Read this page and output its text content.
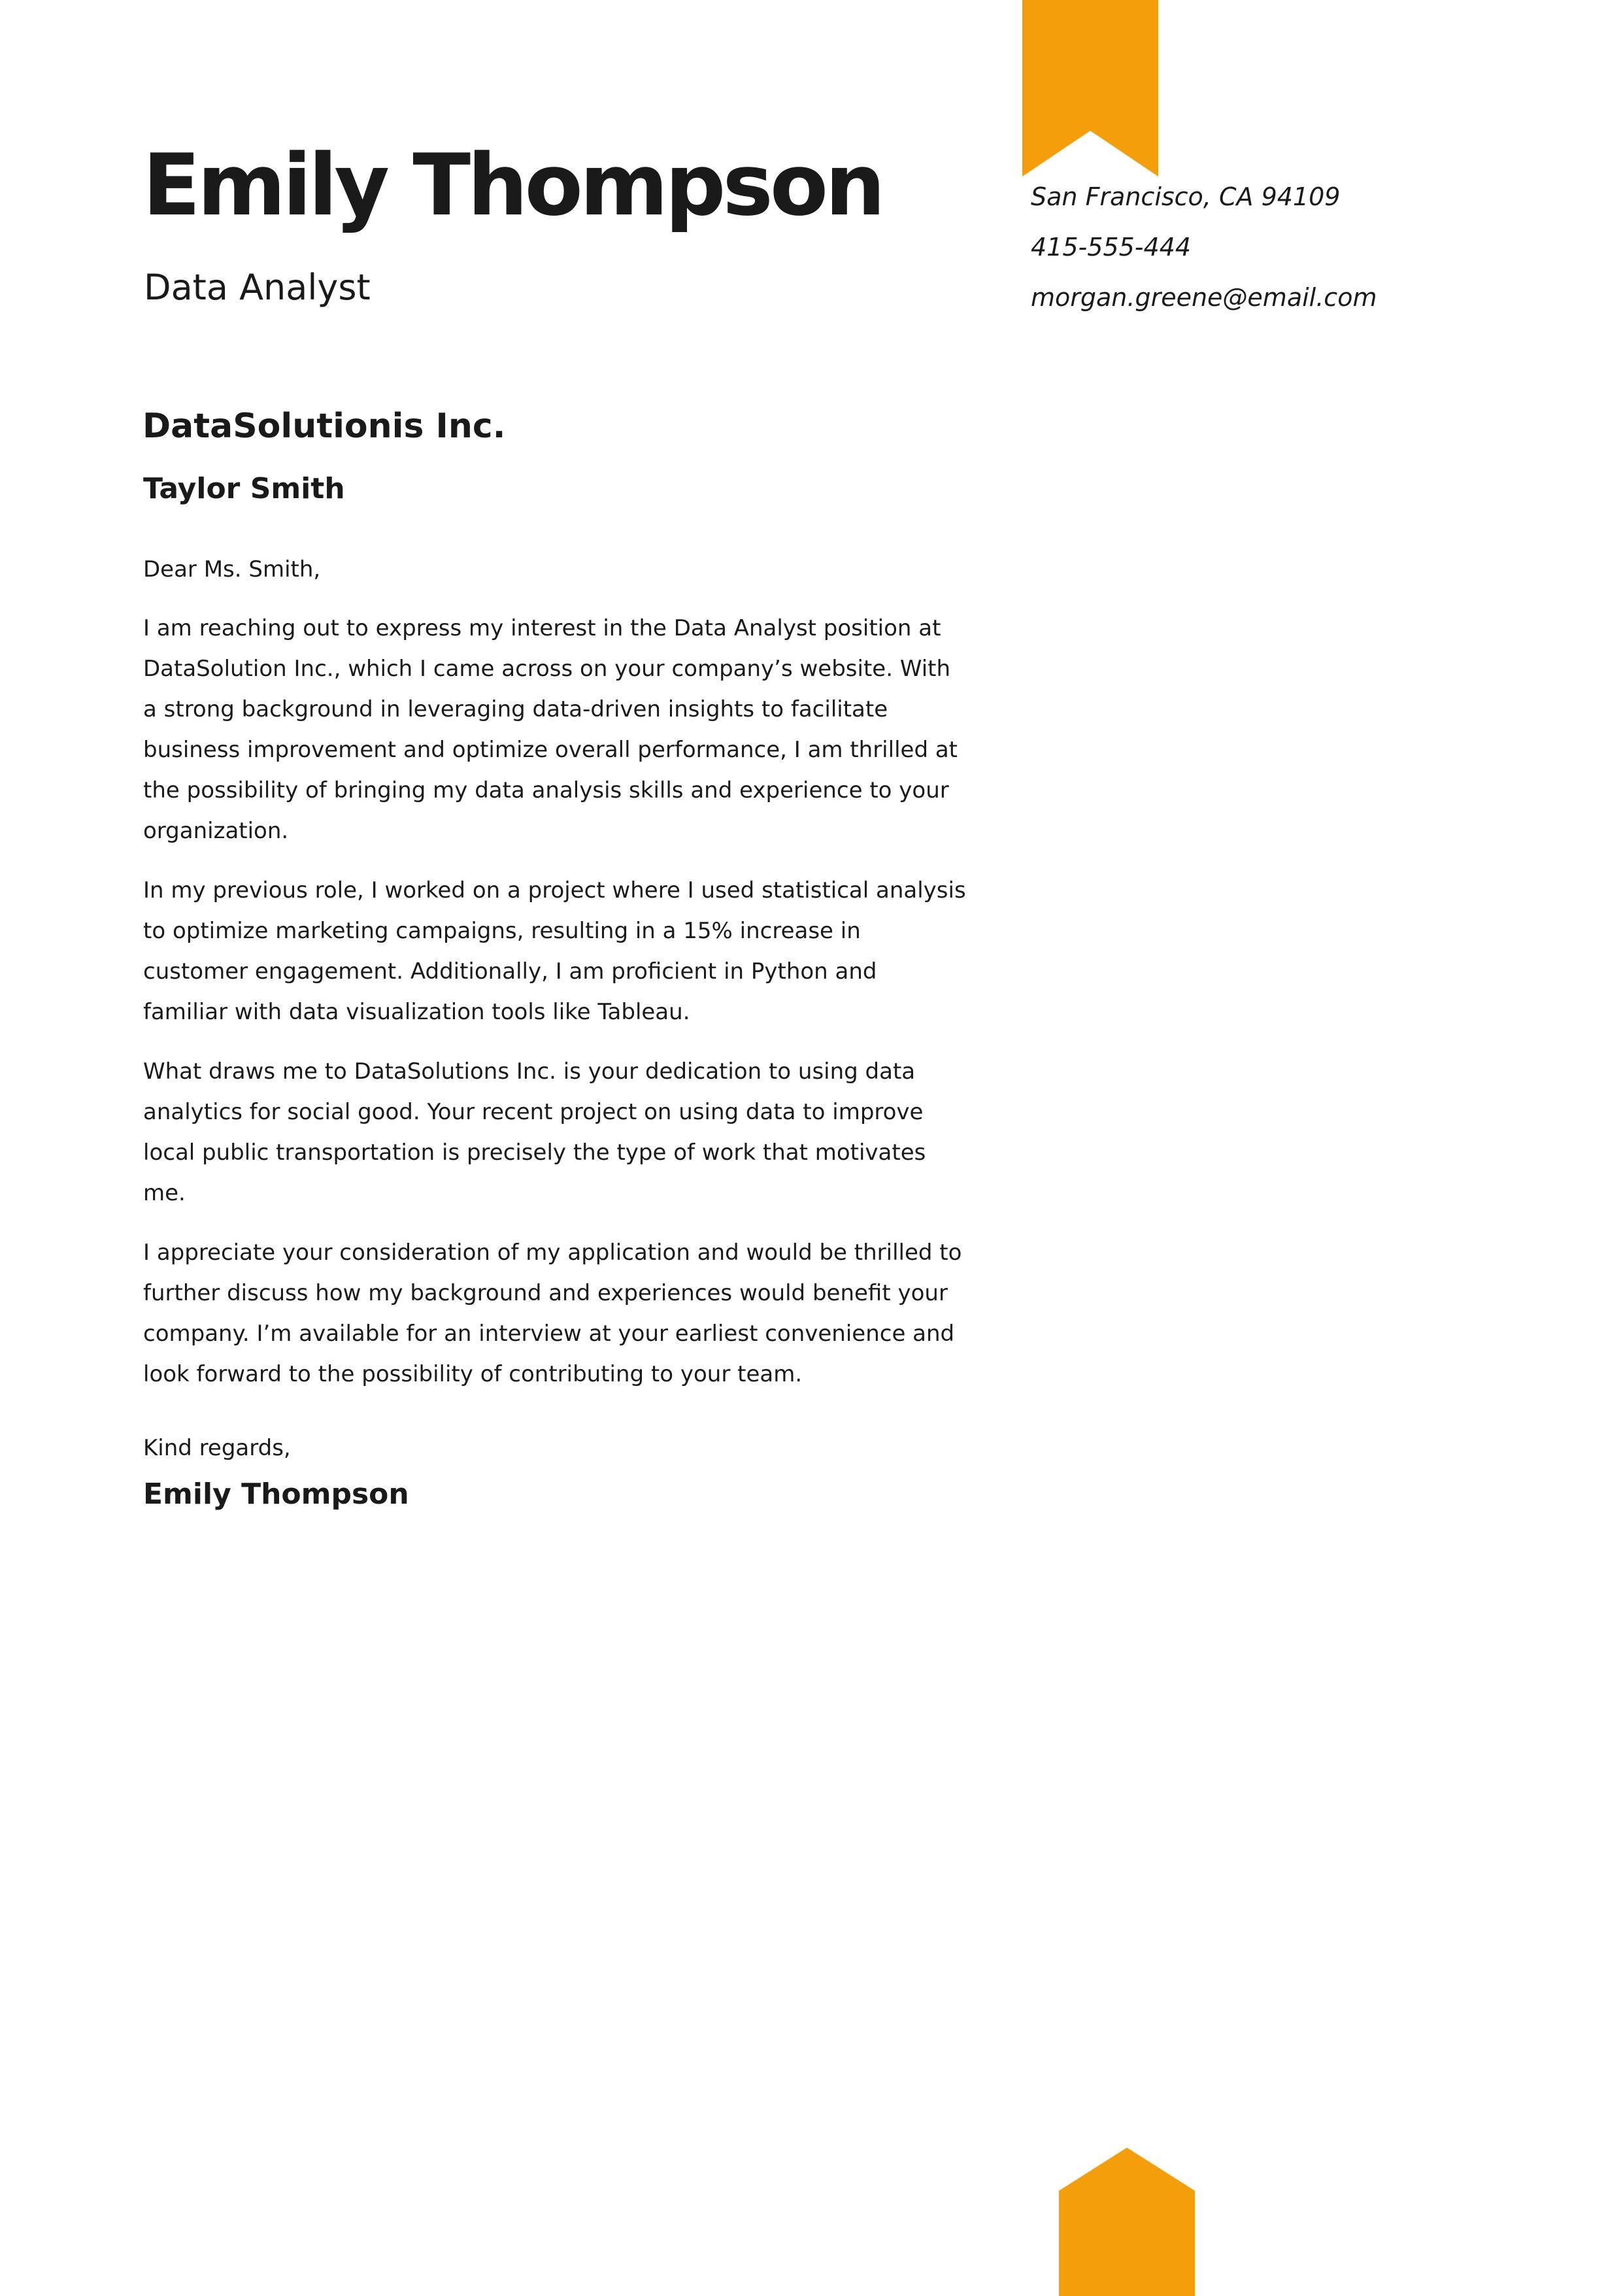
Emily Thompson
Data Analyst
San Francisco, CA 94109
415-555-444
morgan.greene@email.com
DataSolutionis Inc.
Taylor Smith

Dear Ms. Smith,

I am reaching out to express my interest in the Data Analyst position at DataSolution Inc., which I came across on your company’s website. With a strong background in leveraging data-driven insights to facilitate business improvement and optimize overall performance, I am thrilled at the possibility of bringing my data analysis skills and experience to your organization.

In my previous role, I worked on a project where I used statistical analysis to optimize marketing campaigns, resulting in a 15% increase in customer engagement. Additionally, I am proficient in Python and familiar with data visualization tools like Tableau.

What draws me to DataSolutions Inc. is your dedication to using data analytics for social good. Your recent project on using data to improve local public transportation is precisely the type of work that motivates me.

I appreciate your consideration of my application and would be thrilled to further discuss how my background and experiences would benefit your company. I’m available for an interview at your earliest convenience and look forward to the possibility of contributing to your team.

Kind regards,
Emily Thompson
